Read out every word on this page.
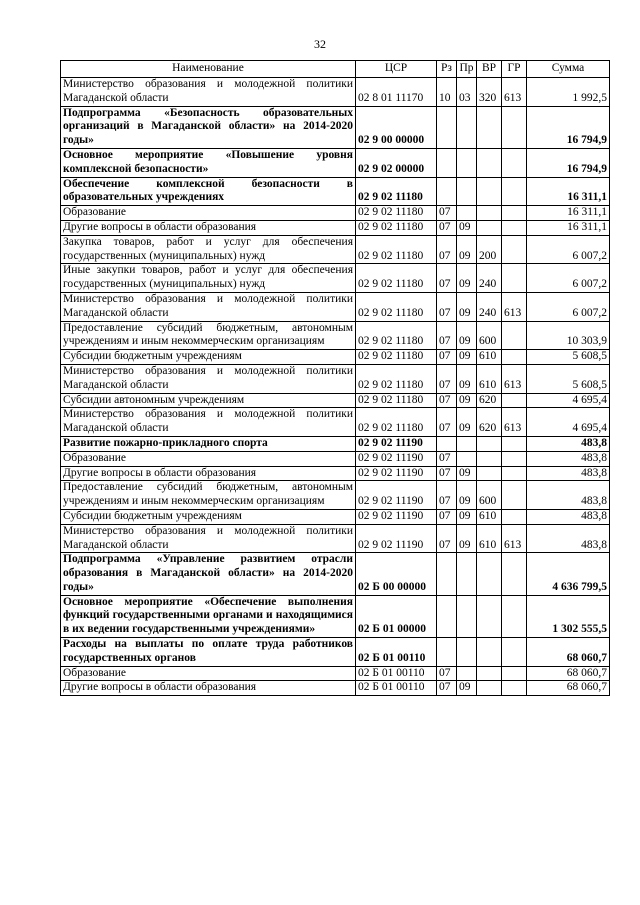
32
Наименование	ЦСР	Рз	Пр	ВР	ГР	Сумма
Министерство образования и молодежной политики Магаданской области	02 8 01 11170	10	03	320	613	1 992,5
Подпрограмма «Безопасность образовательных организаций в Магаданской области» на 2014-2020 годы»	02 9 00 00000					16 794,9
Основное мероприятие «Повышение уровня комплексной безопасности»	02 9 02 00000					16 794,9
Обеспечение комплексной безопасности в образовательных учреждениях	02 9 02 11180					16 311,1
Образование	02 9 02 11180	07				16 311,1
Другие вопросы в области образования	02 9 02 11180	07	09			16 311,1
Закупка товаров, работ и услуг для обеспечения государственных (муниципальных) нужд	02 9 02 11180	07	09	200		6 007,2
Иные закупки товаров, работ и услуг для обеспечения государственных (муниципальных) нужд	02 9 02 11180	07	09	240		6 007,2
Министерство образования и молодежной политики Магаданской области	02 9 02 11180	07	09	240	613	6 007,2
Предоставление субсидий бюджетным, автономным учреждениям и иным некоммерческим организациям	02 9 02 11180	07	09	600		10 303,9
Субсидии бюджетным учреждениям	02 9 02 11180	07	09	610		5 608,5
Министерство образования и молодежной политики Магаданской области	02 9 02 11180	07	09	610	613	5 608,5
Субсидии автономным учреждениям	02 9 02 11180	07	09	620		4 695,4
Министерство образования и молодежной политики Магаданской области	02 9 02 11180	07	09	620	613	4 695,4
Развитие пожарно-прикладного спорта	02 9 02 11190					483,8
Образование	02 9 02 11190	07				483,8
Другие вопросы в области образования	02 9 02 11190	07	09			483,8
Предоставление субсидий бюджетным, автономным учреждениям и иным некоммерческим организациям	02 9 02 11190	07	09	600		483,8
Субсидии бюджетным учреждениям	02 9 02 11190	07	09	610		483,8
Министерство образования и молодежной политики Магаданской области	02 9 02 11190	07	09	610	613	483,8
Подпрограмма «Управление развитием отрасли образования в Магаданской области» на 2014-2020 годы»	02 Б 00 00000					4 636 799,5
Основное мероприятие «Обеспечение выполнения функций государственными органами и находящимися в их ведении государственными учреждениями»	02 Б 01 00000					1 302 555,5
Расходы на выплаты по оплате труда работников государственных органов	02 Б 01 00110					68 060,7
Образование	02 Б 01 00110	07				68 060,7
Другие вопросы в области образования	02 Б 01 00110	07	09			68 060,7
